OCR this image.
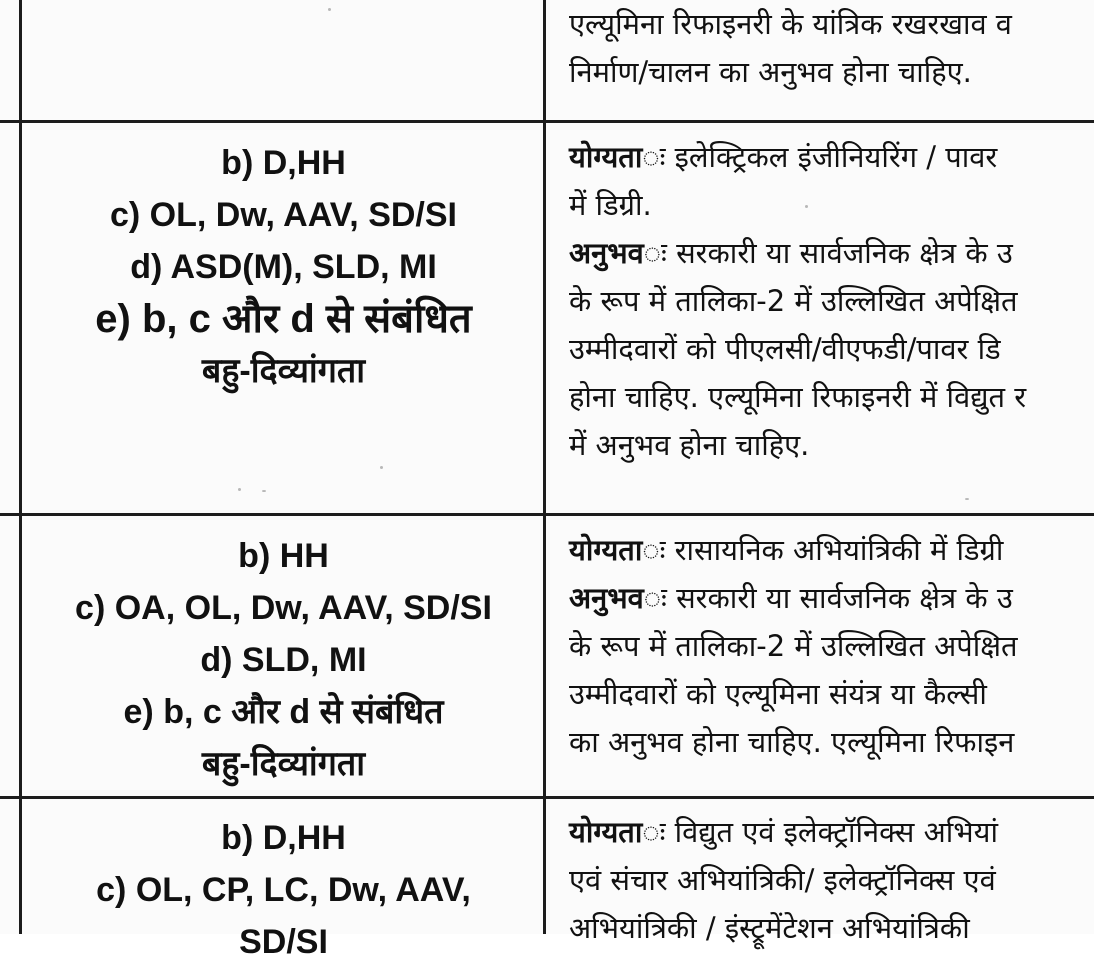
एल्यूमिना रिफाइनरी के यांत्रिक रखरखाव व
निर्माण/चालन का अनुभव होना चाहिए.
b) D,HH
c) OL, Dw, AAV, SD/SI
d) ASD(M), SLD, MI
e) b, c और d से संबंधित
बहु-दिव्यांगता
योग्यताः इलेक्ट्रिकल इंजीनियरिंग / पावर
में डिग्री.
अनुभवः सरकारी या सार्वजनिक क्षेत्र के उ
के रूप में तालिका-2 में उल्लिखित अपेक्षित
उम्मीदवारों को पीएलसी/वीएफडी/पावर डि
होना चाहिए. एल्यूमिना रिफाइनरी में विद्युत र
में अनुभव होना चाहिए.
b) HH
c) OA, OL, Dw, AAV, SD/SI
d) SLD, MI
e) b, c और d से संबंधित
बहु-दिव्यांगता
योग्यताः रासायनिक अभियांत्रिकी में डिग्री
अनुभवः सरकारी या सार्वजनिक क्षेत्र के उ
के रूप में तालिका-2 में उल्लिखित अपेक्षित
उम्मीदवारों को एल्यूमिना संयंत्र या कैल्सी
का अनुभव होना चाहिए. एल्यूमिना रिफाइन
b) D,HH
c) OL, CP, LC, Dw, AAV,
SD/SI
योग्यताः विद्युत एवं इलेक्ट्रॉनिक्स अभियां
एवं संचार अभियांत्रिकी/ इलेक्ट्रॉनिक्स एवं
अभियांत्रिकी / इंस्ट्रूमेंटेशन अभियांत्रिकी
